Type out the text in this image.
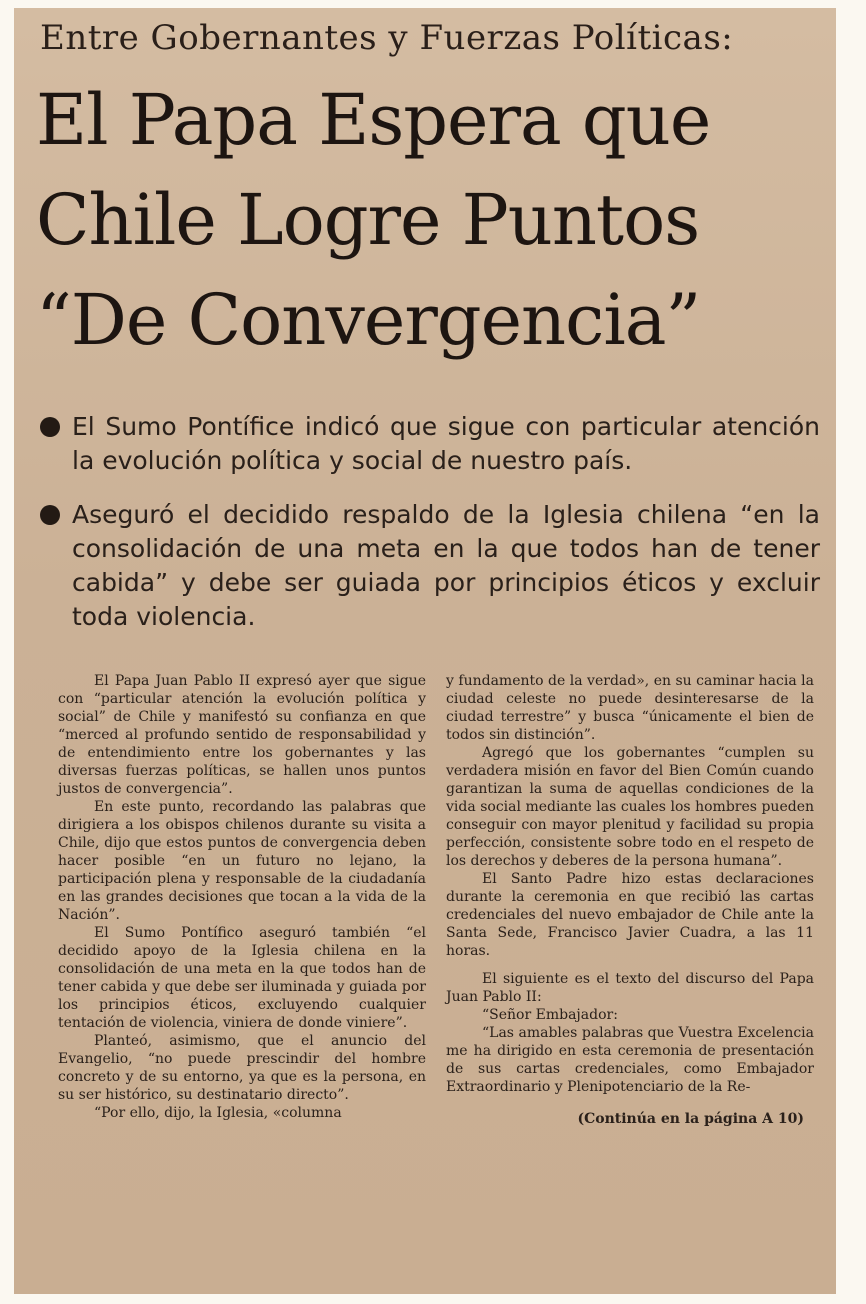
Entre Gobernantes y Fuerzas Políticas:
El Papa Espera que
Chile Logre Puntos
“De Convergencia”
El Sumo Pontífice indicó que sigue con particular atención la evolución política y social de nuestro país.
Aseguró el decidido respaldo de la Iglesia chilena “en la consolidación de una meta en la que todos han de tener cabida” y debe ser guiada por principios éticos y excluir toda violencia.

El Papa Juan Pablo II expresó ayer que sigue con “particular atención la evolución política y social” de Chile y manifestó su confianza en que “merced al profundo sentido de responsabilidad y de entendimiento entre los gobernantes y las diversas fuerzas políticas, se hallen unos puntos justos de convergencia”.

En este punto, recordando las palabras que dirigiera a los obispos chilenos durante su visita a Chile, dijo que estos puntos de convergencia deben hacer posible “en un futuro no lejano, la participación plena y responsable de la ciudadanía en las grandes decisiones que tocan a la vida de la Nación”.

El Sumo Pontífico aseguró también “el decidido apoyo de la Iglesia chilena en la consolidación de una meta en la que todos han de tener cabida y que debe ser iluminada y guiada por los principios éticos, excluyendo cualquier tentación de violencia, viniera de donde viniere”.

Planteó, asimismo, que el anuncio del Evangelio, “no puede prescindir del hombre concreto y de su entorno, ya que es la persona, en su ser histórico, su destinatario directo”.

“Por ello, dijo, la Iglesia, «columna

y fundamento de la verdad», en su caminar hacia la ciudad celeste no puede desinteresarse de la ciudad terrestre” y busca “únicamente el bien de todos sin distinción”.

Agregó que los gobernantes “cumplen su verdadera misión en favor del Bien Común cuando garantizan la suma de aquellas condiciones de la vida social mediante las cuales los hombres pueden conseguir con mayor plenitud y facilidad su propia perfección, consistente sobre todo en el respeto de los derechos y deberes de la persona humana”.

El Santo Padre hizo estas declaraciones durante la ceremonia en que recibió las cartas credenciales del nuevo embajador de Chile ante la Santa Sede, Francisco Javier Cuadra, a las 11 horas.

El siguiente es el texto del discurso del Papa Juan Pablo II:

“Señor Embajador:

“Las amables palabras que Vuestra Excelencia me ha dirigido en esta ceremonia de presentación de sus cartas credenciales, como Embajador Extraordinario y Plenipotenciario de la Re-

(Continúa en la página A 10)
